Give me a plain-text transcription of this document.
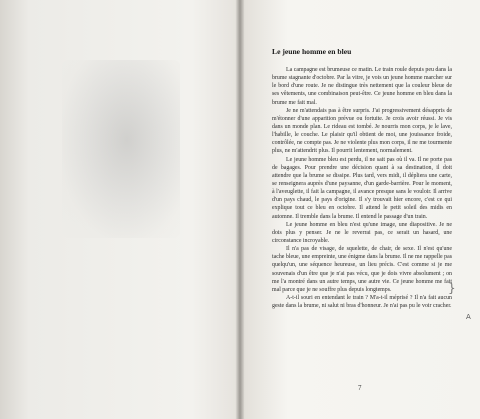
Le jeune homme en bleu

La campagne est brumeuse ce matin. Le train roule depuis peu dans la brume stagnante d'octobre. Par la vitre, je vois un jeune homme marcher sur le bord d'une route. Je ne distingue très nettement que la couleur bleue de ses vêtements, une combinaison peut-être. Ce jeune homme en bleu dans la brume me fait mal.

Je ne m'attendais pas à être surpris. J'ai progressivement désappris de m'étonner d'une apparition prévue ou fortuite. Je crois avoir réussi. Je vis dans un monde plan. Le rideau est tombé. Je nourris mon corps, je le lave, l'habille, le couche. Le plaisir qu'il obtient de moi, une jouissance froide, contrôlée, ne compte pas. Je ne violente plus mon corps, il ne me tourmente plus, ne m'attendrit plus. Il pourrit lentement, normalement.

Le jeune homme bleu est perdu, il ne sait pas où il va. Il ne porte pas de bagages. Pour prendre une décision quant à sa destination, il doit attendre que la brume se dissipe. Plus tard, vers midi, il dépliera une carte, se renseignera auprès d'une paysanne, d'un garde-barrière. Pour le moment, à l'aveuglette, il fait la campagne, il avance presque sans le vouloir. Il arrive d'un pays chaud, le pays d'origine. Il s'y trouvait hier encore, c'est ce qui explique tout ce bleu en octobre. Il attend le petit soleil des midis en automne. Il tremble dans la brume. Il entend le passage d'un train.

Le jeune homme en bleu n'est qu'une image, une diapositive. Je ne dois plus y penser. Je ne le reverrai pas, ce serait un hasard, une circonstance incroyable.

Il n'a pas de visage, de squelette, de chair, de sexe. Il n'est qu'une tache bleue, une empreinte, une énigme dans la brume. Il ne me rappelle pas quelqu'un, une séquence heureuse, un lieu précis. C'est comme si je me souvenais d'un être que je n'ai pas vécu, que je dois vivre absolument ; on me l'a montré dans un autre temps, une autre vie. Ce jeune homme me fait mal parce que je ne souffre plus depuis longtemps.

A-t-il souri en entendant le train ? M'a-t-il méprisé ? Il n'a fait aucun geste dans la brume, ni salut ni bras d'honneur. Je n'ai pas pu le voir cracher.

}
A
7
